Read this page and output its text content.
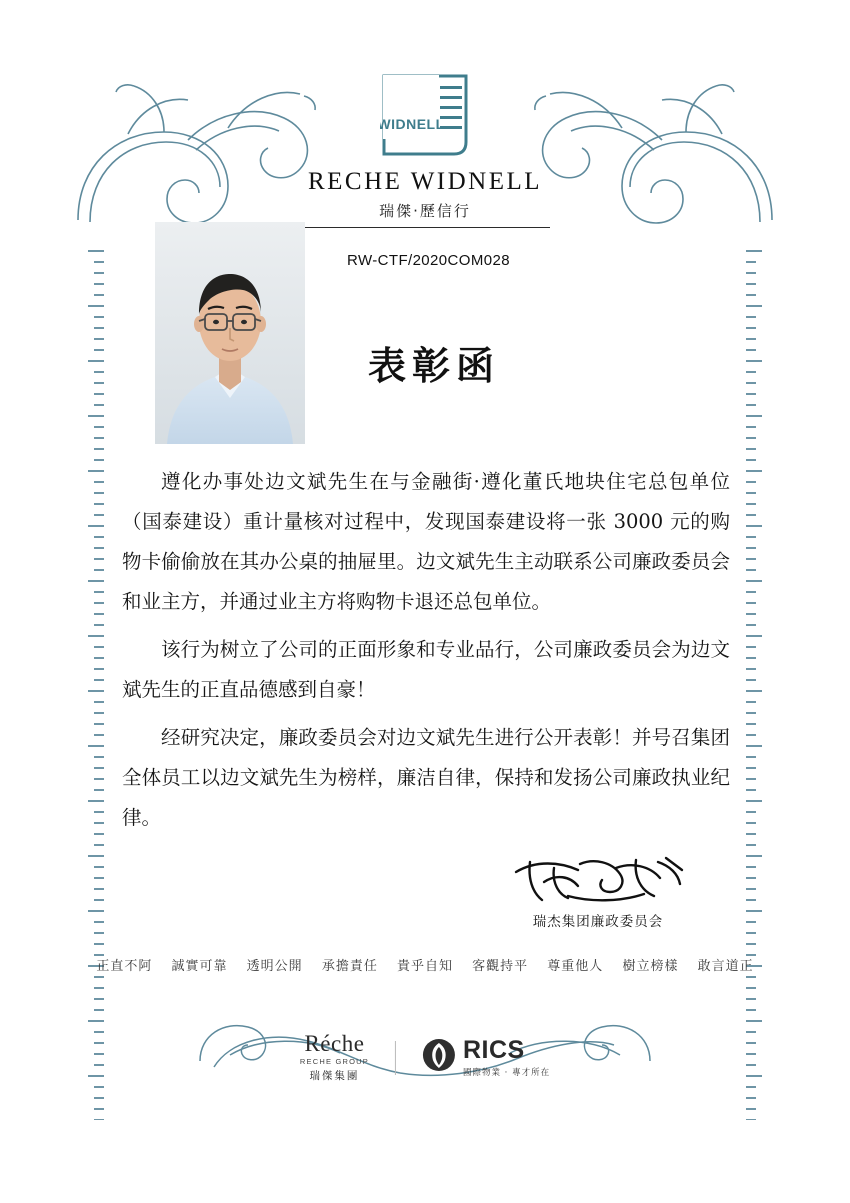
WIDNELL
RECHE WIDNELL
瑞傑·歷信行
RW-CTF/2020COM028
表彰函

遵化办事处边文斌先生在与金融街·遵化董氏地块住宅总包单位（国泰建设）重计量核对过程中，发现国泰建设将一张 3000 元的购物卡偷偷放在其办公桌的抽屉里。边文斌先生主动联系公司廉政委员会和业主方，并通过业主方将购物卡退还总包单位。

该行为树立了公司的正面形象和专业品行，公司廉政委员会为边文斌先生的正直品德感到自豪！

经研究决定，廉政委员会对边文斌先生进行公开表彰！并号召集团全体员工以边文斌先生为榜样，廉洁自律，保持和发扬公司廉政执业纪律。

瑞杰集团廉政委员会
正直不阿 誠實可靠 透明公開 承擔責任 貴乎自知 客觀持平 尊重他人 樹立榜樣 敢言道正
Réche
RECHE GROUP
瑞傑集團
RICS
國際物業 · 專才所在
